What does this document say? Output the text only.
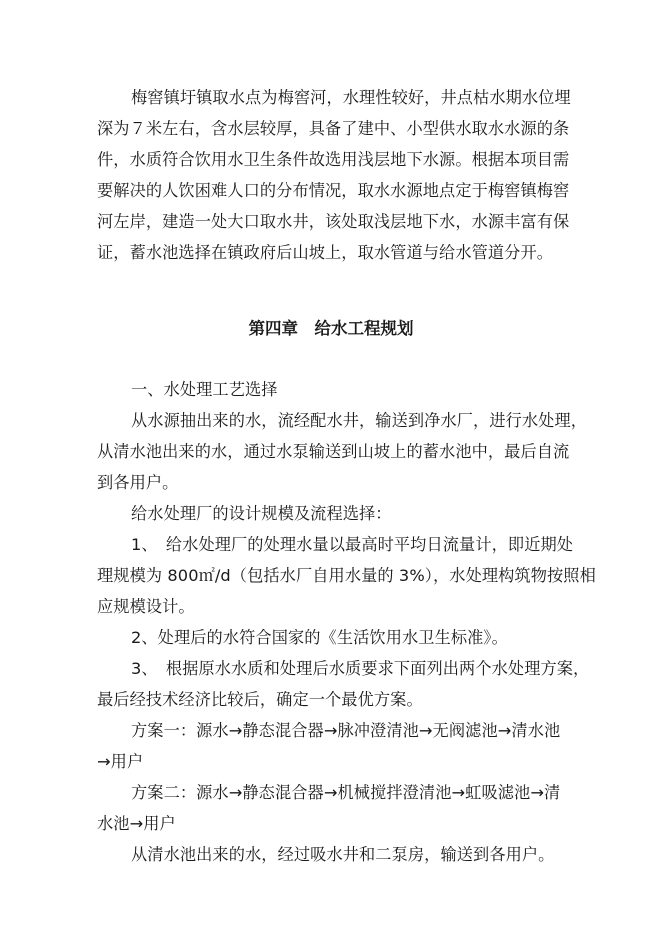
梅窖镇圩镇取水点为梅窖河，水理性较好，井点枯水期水位埋
深为７米左右，含水层较厚，具备了建中、小型供水取水水源的条
件，水质符合饮用水卫生条件故选用浅层地下水源。根据本项目需
要解决的人饮困难人口的分布情况，取水水源地点定于梅窖镇梅窖
河左岸，建造一处大口取水井，该处取浅层地下水，水源丰富有保
证，蓄水池选择在镇政府后山坡上，取水管道与给水管道分开。
第四章　给水工程规划
一、水处理工艺选择
从水源抽出来的水，流经配水井，输送到净水厂，进行水处理，
从清水池出来的水，通过水泵输送到山坡上的蓄水池中，最后自流
到各用户。
给水处理厂的设计规模及流程选择：
1、　给水处理厂的处理水量以最高时平均日流量计，即近期处
理规模为 800㎡/d（包括水厂自用水量的 3%），水处理构筑物按照相
应规模设计。
2、处理后的水符合国家的《生活饮用水卫生标准》。
3、　根据原水水质和处理后水质要求下面列出两个水处理方案，
最后经技术经济比较后，确定一个最优方案。
方案一：源水→静态混合器→脉冲澄清池→无阀滤池→清水池
→用户
方案二：源水→静态混合器→机械搅拌澄清池→虹吸滤池→清
水池→用户
从清水池出来的水，经过吸水井和二泵房，输送到各用户。
